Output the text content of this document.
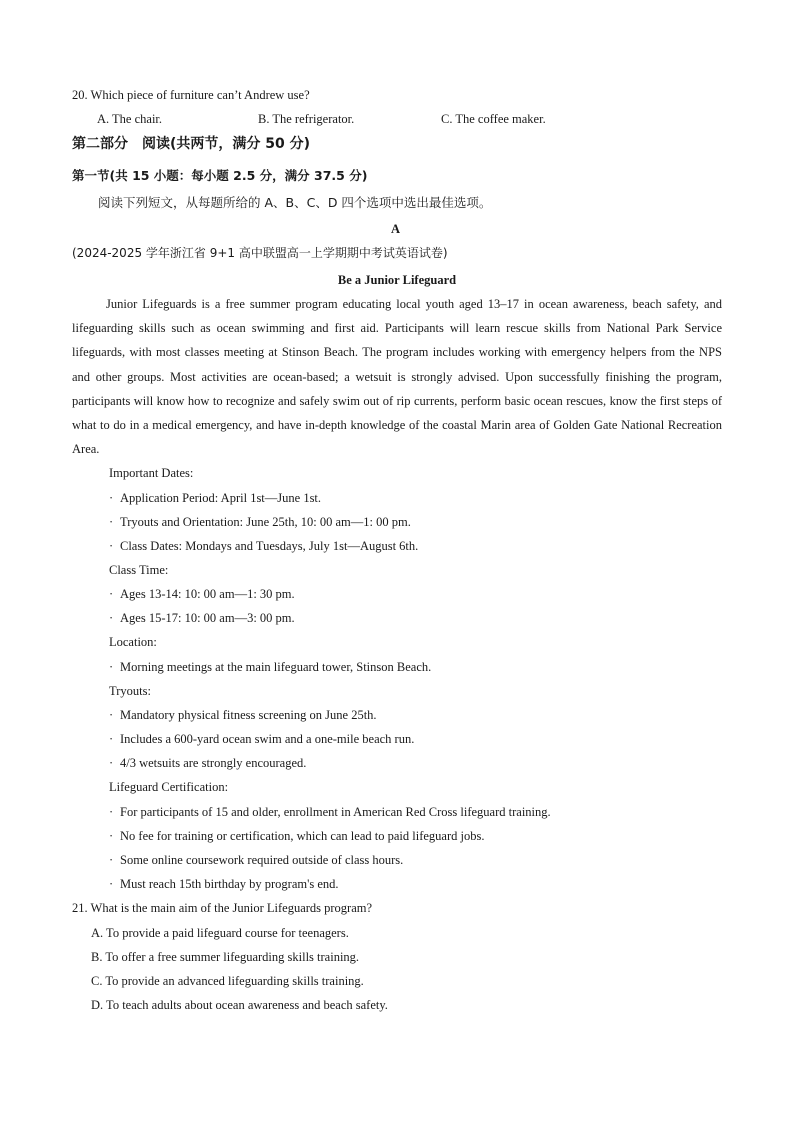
20. Which piece of furniture can’t Andrew use?
A. The chair.	B. The refrigerator.	C. The coffee maker.
第二部分　阅读(共两节，满分 50 分)
第一节(共 15 小题：每小题 2.5 分，满分 37.5 分)
阅读下列短文，从每题所给的 A、B、C、D 四个选项中选出最佳选项。
A
(2024-2025 学年浙江省 9+1 高中联盟高一上学期期中考试英语试卷)
Be a Junior Lifeguard
Junior Lifeguards is a free summer program educating local youth aged 13–17 in ocean awareness, beach safety, and lifeguarding skills such as ocean swimming and first aid. Participants will learn rescue skills from National Park Service lifeguards, with most classes meeting at Stinson Beach. The program includes working with emergency helpers from the NPS and other groups. Most activities are ocean-based; a wetsuit is strongly advised. Upon successfully finishing the program, participants will know how to recognize and safely swim out of rip currents, perform basic ocean rescues, know the first steps of what to do in a medical emergency, and have in-depth knowledge of the coastal Marin area of Golden Gate National Recreation Area.
Important Dates:
· Application Period: April 1st—June 1st.
· Tryouts and Orientation: June 25th, 10: 00 am—1: 00 pm.
· Class Dates: Mondays and Tuesdays, July 1st—August 6th.
Class Time:
· Ages 13-14: 10: 00 am—1: 30 pm.
· Ages 15-17: 10: 00 am—3: 00 pm.
Location:
· Morning meetings at the main lifeguard tower, Stinson Beach.
Tryouts:
· Mandatory physical fitness screening on June 25th.
· Includes a 600-yard ocean swim and a one-mile beach run.
· 4/3 wetsuits are strongly encouraged.
Lifeguard Certification:
· For participants of 15 and older, enrollment in American Red Cross lifeguard training.
· No fee for training or certification, which can lead to paid lifeguard jobs.
· Some online coursework required outside of class hours.
· Must reach 15th birthday by program's end.
21. What is the main aim of the Junior Lifeguards program?
A. To provide a paid lifeguard course for teenagers.
B. To offer a free summer lifeguarding skills training.
C. To provide an advanced lifeguarding skills training.
D. To teach adults about ocean awareness and beach safety.
